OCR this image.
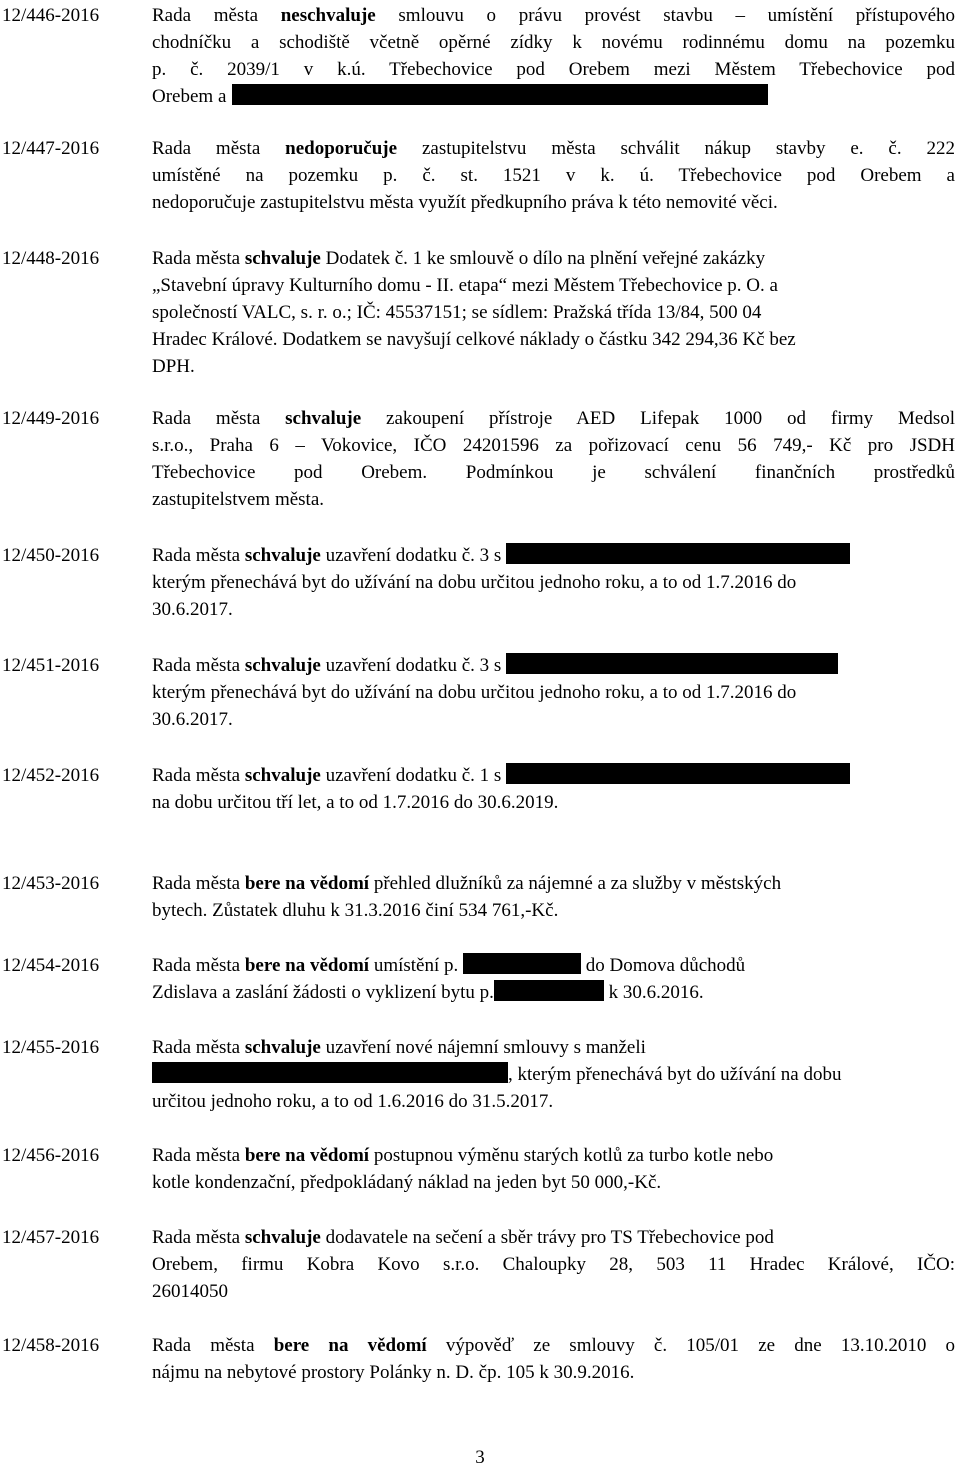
12/446-2016	Rada města neschvaluje smlouvu o právu provést stavbu – umístění přístupového
chodníčku a schodiště včetně opěrné zídky k novému rodinnému domu na pozemku
p. č. 2039/1 v k.ú. Třebechovice pod Orebem mezi Městem Třebechovice pod
Orebem a
12/447-2016	Rada města nedoporučuje zastupitelstvu města schválit nákup stavby e. č. 222
umístěné na pozemku p. č. st. 1521 v k. ú. Třebechovice pod Orebem a
nedoporučuje zastupitelstvu města využít předkupního práva k této nemovité věci.
12/448-2016	Rada města schvaluje Dodatek č. 1 ke smlouvě o dílo na plnění veřejné zakázky
„Stavební úpravy Kulturního domu - II. etapa“ mezi Městem Třebechovice p. O. a
společností VALC, s. r. o.; IČ: 45537151; se sídlem: Pražská třída 13/84, 500 04
Hradec Králové. Dodatkem se navyšují celkové náklady o částku 342 294,36 Kč bez
DPH.
12/449-2016	Rada města schvaluje zakoupení přístroje AED Lifepak 1000 od firmy Medsol
s.r.o., Praha 6 – Vokovice, IČO 24201596 za pořizovací cenu 56 749,- Kč pro JSDH
Třebechovice pod Orebem. Podmínkou je schválení finančních prostředků
zastupitelstvem města.
12/450-2016	Rada města schvaluje uzavření dodatku č. 3 s
kterým přenechává byt do užívání na dobu určitou jednoho roku, a to od 1.7.2016 do
30.6.2017.
12/451-2016	Rada města schvaluje uzavření dodatku č. 3 s
kterým přenechává byt do užívání na dobu určitou jednoho roku, a to od 1.7.2016 do
30.6.2017.
12/452-2016	Rada města schvaluje uzavření dodatku č. 1 s
na dobu určitou tří let, a to od 1.7.2016 do 30.6.2019.
12/453-2016	Rada města bere na vědomí přehled dlužníků za nájemné a za služby v městských
bytech. Zůstatek dluhu k 31.3.2016 činí 534 761,-Kč.
12/454-2016	Rada města bere na vědomí umístění p.	do Domova důchodů
Zdislava a zaslání žádosti o vyklizení bytu p.	k 30.6.2016.
12/455-2016	Rada města schvaluje uzavření nové nájemní smlouvy s manželi
, kterým přenechává byt do užívání na dobu
určitou jednoho roku, a to od 1.6.2016 do 31.5.2017.
12/456-2016	Rada města bere na vědomí postupnou výměnu starých kotlů za turbo kotle nebo
kotle kondenzační, předpokládaný náklad na jeden byt 50 000,-Kč.
12/457-2016	Rada města schvaluje dodavatele na sečení a sběr trávy pro TS Třebechovice pod
Orebem, firmu Kobra Kovo s.r.o. Chaloupky 28, 503 11 Hradec Králové, IČO:
26014050
12/458-2016	Rada města bere na vědomí výpověď ze smlouvy č. 105/01 ze dne 13.10.2010 o
nájmu na nebytové prostory Polánky n. D. čp. 105 k 30.9.2016.
3
